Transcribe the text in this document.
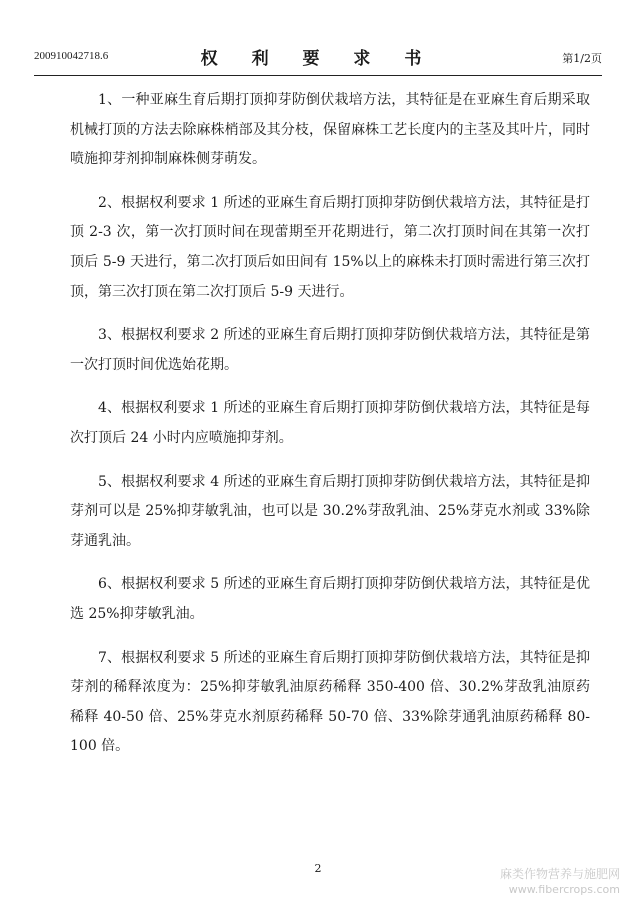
200910042718.6	权 利 要 求 书	第1/2页

1、一种亚麻生育后期打顶抑芽防倒伏栽培方法，其特征是在亚麻生育后期采取机械打顶的方法去除麻株梢部及其分枝，保留麻株工艺长度内的主茎及其叶片，同时喷施抑芽剂抑制麻株侧芽萌发。

2、根据权利要求 1 所述的亚麻生育后期打顶抑芽防倒伏栽培方法，其特征是打顶 2-3 次，第一次打顶时间在现蕾期至开花期进行，第二次打顶时间在其第一次打顶后 5-9 天进行，第二次打顶后如田间有 15%以上的麻株未打顶时需进行第三次打顶，第三次打顶在第二次打顶后 5-9 天进行。

3、根据权利要求 2 所述的亚麻生育后期打顶抑芽防倒伏栽培方法，其特征是第一次打顶时间优选始花期。

4、根据权利要求 1 所述的亚麻生育后期打顶抑芽防倒伏栽培方法，其特征是每次打顶后 24 小时内应喷施抑芽剂。

5、根据权利要求 4 所述的亚麻生育后期打顶抑芽防倒伏栽培方法，其特征是抑芽剂可以是 25%抑芽敏乳油，也可以是 30.2%芽敌乳油、25%芽克水剂或 33%除芽通乳油。

6、根据权利要求 5 所述的亚麻生育后期打顶抑芽防倒伏栽培方法，其特征是优选 25%抑芽敏乳油。

7、根据权利要求 5 所述的亚麻生育后期打顶抑芽防倒伏栽培方法，其特征是抑芽剂的稀释浓度为：25%抑芽敏乳油原药稀释 350-400 倍、30.2%芽敌乳油原药稀释 40-50 倍、25%芽克水剂原药稀释 50-70 倍、33%除芽通乳油原药稀释 80-100 倍。

2	麻类作物营养与施肥网
www.fibercrops.com
